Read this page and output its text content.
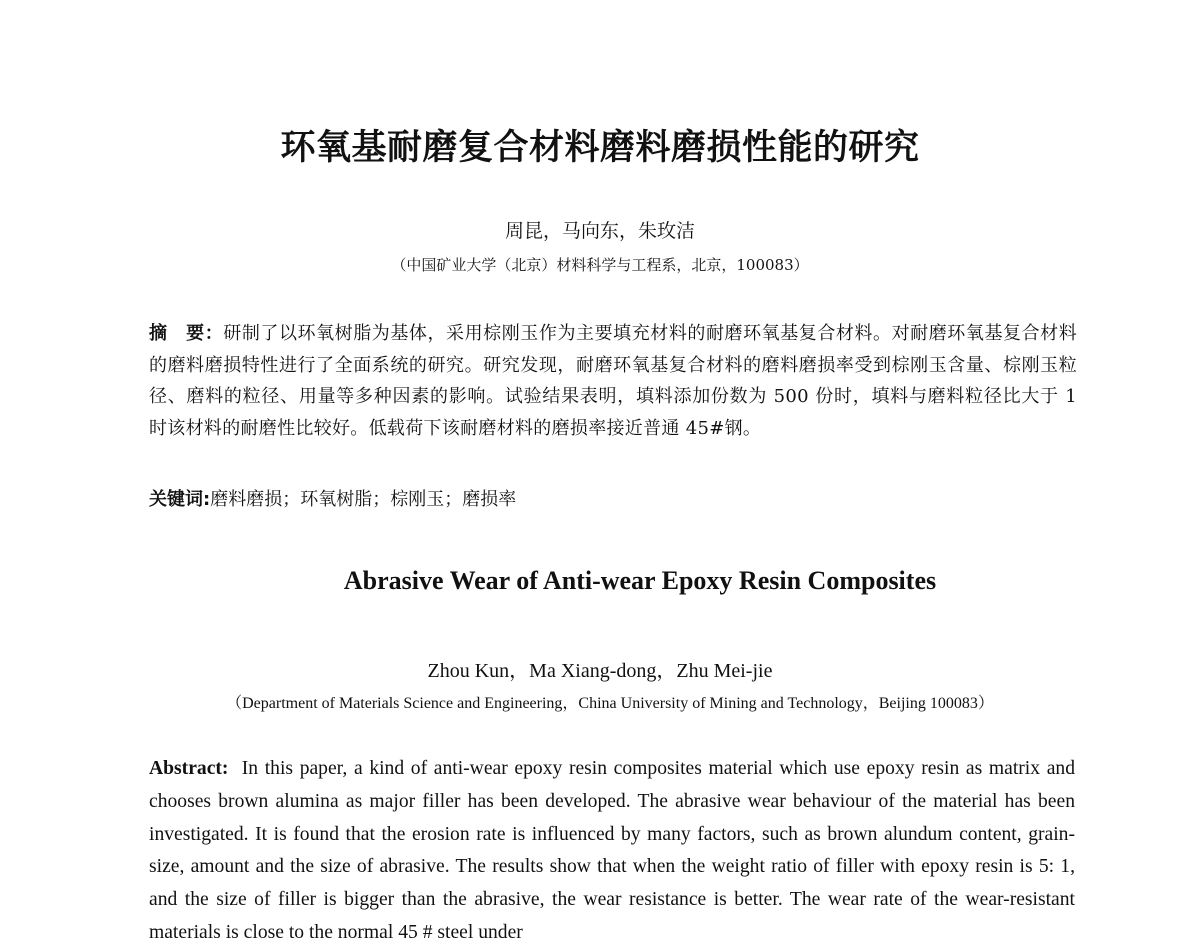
环氧基耐磨复合材料磨料磨损性能的研究
周昆，马向东，朱玫洁
（中国矿业大学（北京）材料科学与工程系，北京，100083）
摘　要：研制了以环氧树脂为基体，采用棕刚玉作为主要填充材料的耐磨环氧基复合材料。对耐磨环氧基复合材料的磨料磨损特性进行了全面系统的研究。研究发现，耐磨环氧基复合材料的磨料磨损率受到棕刚玉含量、棕刚玉粒径、磨料的粒径、用量等多种因素的影响。试验结果表明，填料添加份数为 500 份时，填料与磨料粒径比大于 1 时该材料的耐磨性比较好。低载荷下该耐磨材料的磨损率接近普通 45#钢。
关键词:磨料磨损；环氧树脂；棕刚玉；磨损率
Abrasive Wear of Anti-wear Epoxy Resin Composites
Zhou Kun，Ma Xiang-dong，Zhu Mei-jie
（Department of Materials Science and Engineering，China University of Mining and Technology，Beijing 100083）
Abstract: In this paper, a kind of anti-wear epoxy resin composites material which use epoxy resin as matrix and chooses brown alumina as major filler has been developed. The abrasive wear behaviour of the material has been investigated. It is found that the erosion rate is influenced by many factors, such as brown alundum content, grain-size, amount and the size of abrasive. The results show that when the weight ratio of filler with epoxy resin is 5: 1, and the size of filler is bigger than the abrasive, the wear resistance is better. The wear rate of the wear-resistant materials is close to the normal 45 # steel under
